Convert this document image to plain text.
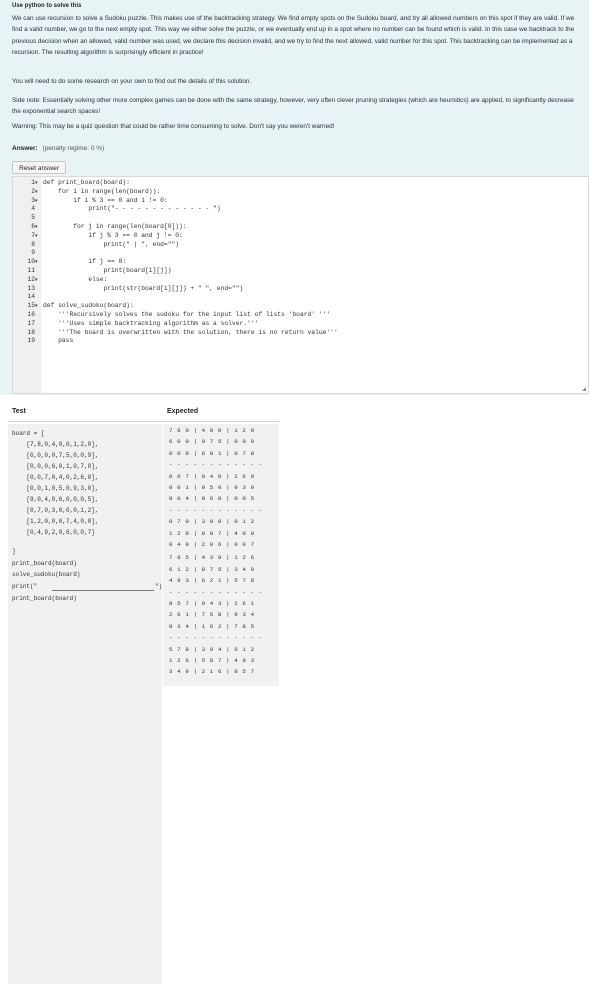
Use python to solve this

We can use recursion to solve a Sudoku puzzle. This makes use of the backtracking strategy. We find empty spots on the Sudoku board, and try all allowed numbers on this spot if they are valid. If we find a valid number, we go to the next empty spot. This way we either solve the puzzle, or we eventually end up in a spot where no number can be found which is valid. In this case we backtrack to the previous decision when an allowed, valid number was used, we declare this decision invalid, and we try to find the next allowed, valid number for this spot. This backtracking can be implemented as a recursion. The resulting algorithm is surprisingly efficient in practice!

You will need to do some research on your own to find out the details of this solution.

Side note: Essentially solving other more complex games can be done with the same strategy, however, very often clever pruning strategies (which are heuristics) are applied, to significantly decrease the exponential search spaces!

Warning: This may be a quiz question that could be rather time consuming to solve. Don't say you weren't warned!

Answer: (penalty regime: 0 %)
Reset answer
1 ▾ def print_board(board):
2 ▾ for i in range(len(board)):
3 ▾ if i % 3 == 0 and i != 0:
4 print("- - - - - - - - - - - - - ")
5
6 ▾ for j in range(len(board[0])):
7 ▾ if j % 3 == 0 and j != 0:
8 print(" | ", end="")
9
10 ▾ if j == 8:
11 print(board[i][j])
12 ▾ else:
13 print(str(board[i][j]) + " ", end="")
14
15 ▾ def solve_sudoku(board):
16 '''Recursively solves the sudoku for the input list of lists 'board' '''
17 '''Uses simple backtracking algorithm as a solver.'''
18 '''The board is overwritten with the solution, there is no return value'''
19 pass
Test	Expected
board = [
[7,8,0,4,0,0,1,2,0],
[6,0,0,0,7,5,0,0,9],
[0,0,0,6,0,1,0,7,8],
[0,0,7,0,4,0,2,6,0],
[0,0,1,0,5,0,9,3,0],
[9,0,4,0,6,0,0,0,5],
[0,7,0,3,0,0,0,1,2],
[1,2,0,0,0,7,4,0,0],
[0,4,9,2,0,6,0,0,7]
]
print_board(board)
solve_sudoku(board)
print("
print_board(board)
")
7 8 0 | 4 0 0 | 1 2 0
6 0 0 | 0 7 5 | 0 0 9
0 0 0 | 6 0 1 | 0 7 8
- - - - - - - - - - - -
0 0 7 | 0 4 0 | 2 6 0
0 0 1 | 0 5 0 | 9 3 0
9 0 4 | 0 6 0 | 0 0 5
- - - - - - - - - - - -
0 7 0 | 3 0 0 | 0 1 2
1 2 0 | 0 0 7 | 4 0 0
0 4 9 | 2 0 6 | 0 0 7
7 8 5 | 4 3 9 | 1 2 6
6 1 2 | 8 7 5 | 3 4 9
4 9 3 | 6 2 1 | 5 7 8
- - - - - - - - - - - -
8 5 7 | 9 4 3 | 2 6 1
2 6 1 | 7 5 8 | 9 3 4
9 3 4 | 1 6 2 | 7 8 5
- - - - - - - - - - - -
5 7 8 | 3 9 4 | 6 1 2
1 2 6 | 5 8 7 | 4 9 3
3 4 9 | 2 1 6 | 8 5 7
